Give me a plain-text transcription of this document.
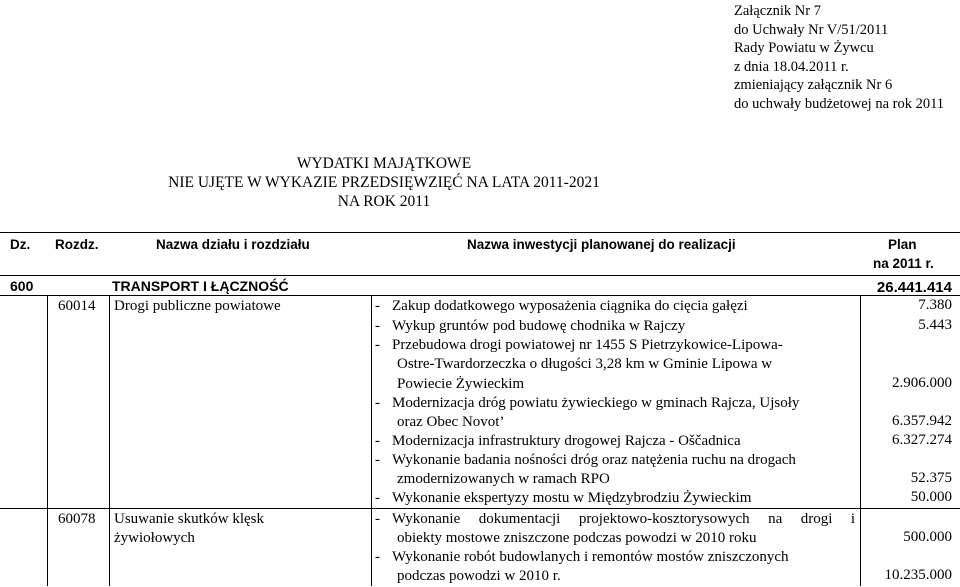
Załącznik Nr 7
do Uchwały Nr V/51/2011
Rady Powiatu w Żywcu
z dnia 18.04.2011 r.
zmieniający załącznik Nr 6
do uchwały budżetowej na rok 2011
WYDATKI MAJĄTKOWE
NIE UJĘTE W WYKAZIE PRZEDSIĘWZIĘĆ NA LATA 2011-2021
NA ROK 2011
Dz. Rozdz.	Nazwa działu i rozdziału	Nazwa inwestycji planowanej do realizacji	Plan
na 2011 r.
600	TRANSPORT I ŁĄCZNOŚĆ	26.441.414
60014 Drogi publiczne powiatowe	- Zakup dodatkowego wyposażenia ciągnika do cięcia gałęzi	7.380
- Wykup gruntów pod budowę chodnika w Rajczy	5.443
- Przebudowa drogi powiatowej nr 1455 S Pietrzykowice-Lipowa-
Ostre-Twardorzeczka o długości 3,28 km w Gminie Lipowa w
Powiecie Żywieckim	2.906.000
- Modernizacja dróg powiatu żywieckiego w gminach Rajcza, Ujsoły
oraz Obec Novot’	6.357.942
- Modernizacja infrastruktury drogowej Rajcza - Oščadnica	6.327.274
- Wykonanie badania nośności dróg oraz natężenia ruchu na drogach
zmodernizowanych w ramach RPO	52.375
- Wykonanie ekspertyzy mostu w Międzybrodziu Żywieckim	50.000
60078 Usuwanie skutków klęsk
żywiołowych
- Wykonanie dokumentacji projektowo-kosztorysowych na drogi i
obiekty mostowe zniszczone podczas powodzi w 2010 roku	500.000
- Wykonanie robót budowlanych i remontów mostów zniszczonych
podczas powodzi w 2010 r.	10.235.000
